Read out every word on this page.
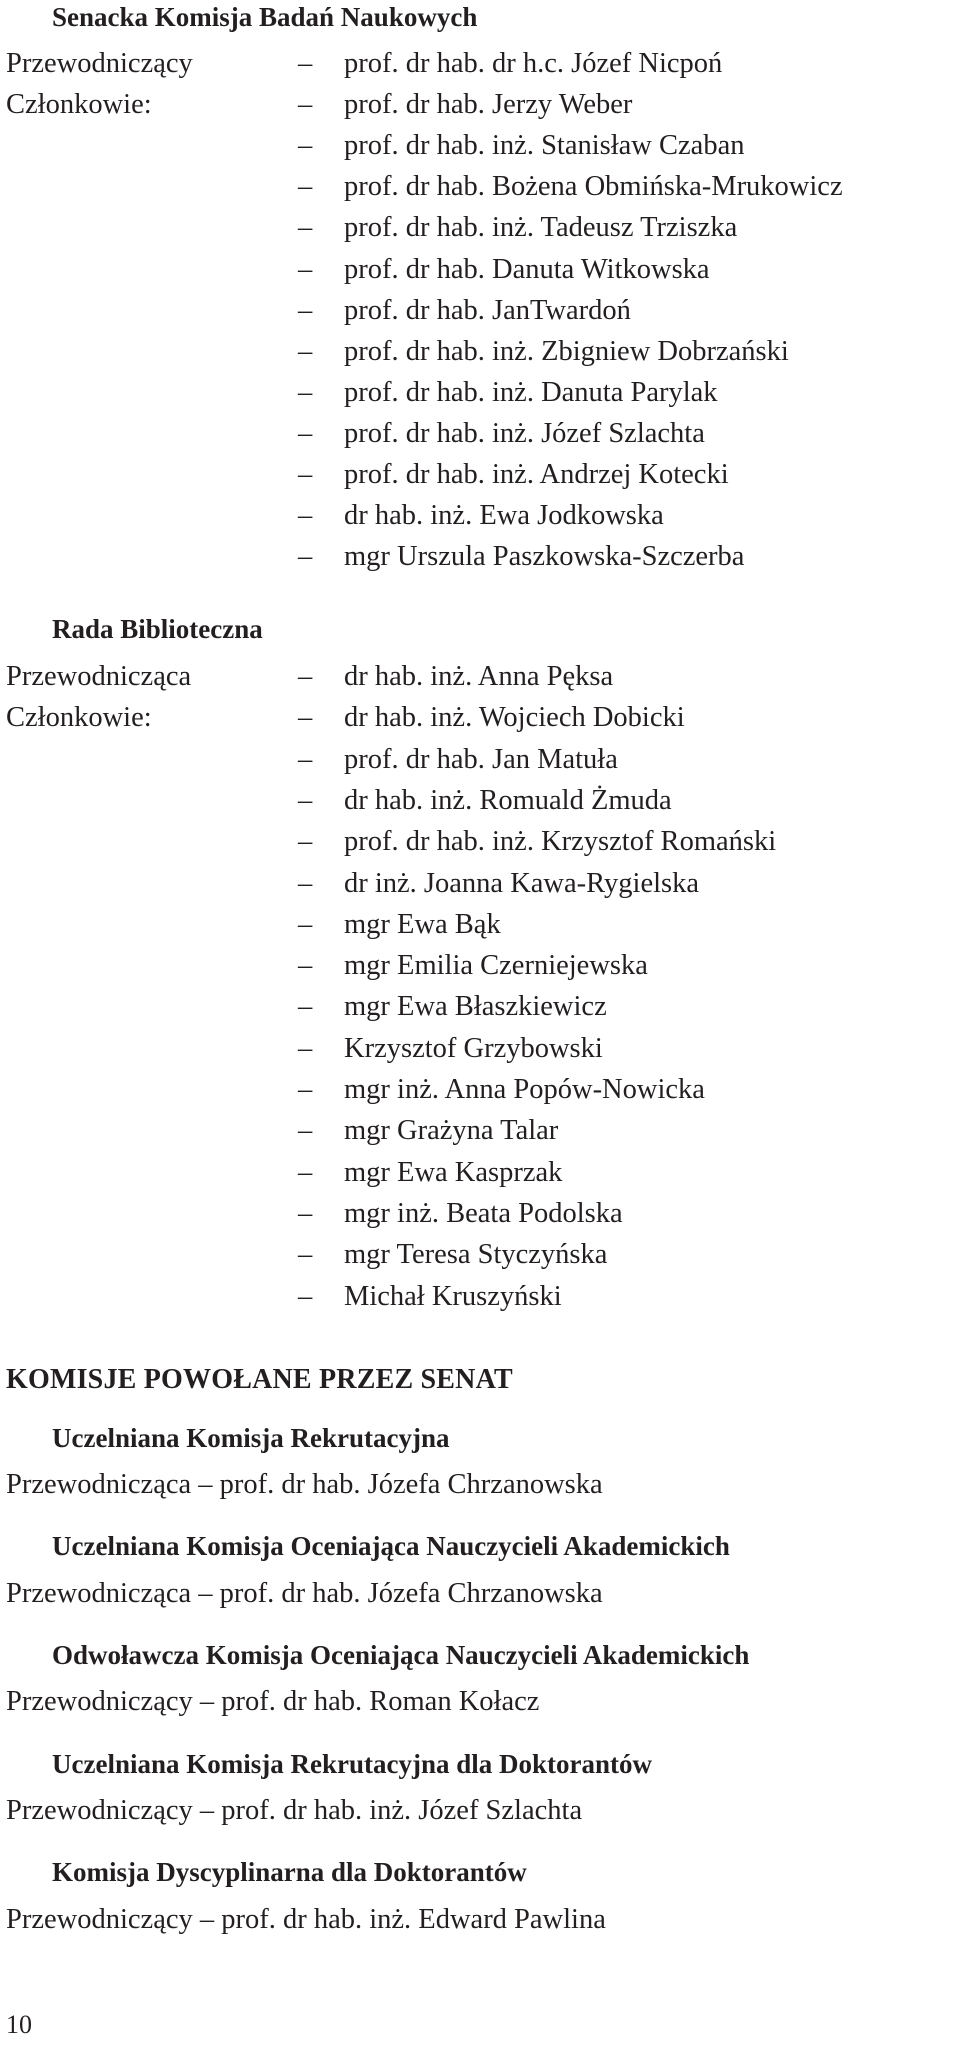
Senacka Komisja Badań Naukowych
Przewodniczący
Członkowie:
– prof. dr hab. dr h.c. Józef Nicpoń
– prof. dr hab. Jerzy Weber
– prof. dr hab. inż. Stanisław Czaban
– prof. dr hab. Bożena Obmińska-Mrukowicz
– prof. dr hab. inż. Tadeusz Trziszka
– prof. dr hab. Danuta Witkowska
– prof. dr hab. JanTwardoń
– prof. dr hab. inż. Zbigniew Dobrzański
– prof. dr hab. inż. Danuta Parylak
– prof. dr hab. inż. Józef Szlachta
– prof. dr hab. inż. Andrzej Kotecki
– dr hab. inż. Ewa Jodkowska
– mgr Urszula Paszkowska-Szczerba
Rada Biblioteczna
Przewodnicząca
Członkowie:
– dr hab. inż. Anna Pęksa
– dr hab. inż. Wojciech Dobicki
– prof. dr hab. Jan Matuła
– dr hab. inż. Romuald Żmuda
– prof. dr hab. inż. Krzysztof Romański
– dr inż. Joanna Kawa-Rygielska
– mgr Ewa Bąk
– mgr Emilia Czerniejewska
– mgr Ewa Błaszkiewicz
– Krzysztof Grzybowski
– mgr inż. Anna Popów-Nowicka
– mgr Grażyna Talar
– mgr Ewa Kasprzak
– mgr inż. Beata Podolska
– mgr Teresa Styczyńska
– Michał Kruszyński
KOMISJE POWOŁANE PRZEZ SENAT
Uczelniana Komisja Rekrutacyjna
Przewodnicząca – prof. dr hab. Józefa Chrzanowska
Uczelniana Komisja Oceniająca Nauczycieli Akademickich
Przewodnicząca – prof. dr hab. Józefa Chrzanowska
Odwoławcza Komisja Oceniająca Nauczycieli Akademickich
Przewodniczący – prof. dr hab. Roman Kołacz
Uczelniana Komisja Rekrutacyjna dla Doktorantów
Przewodniczący – prof. dr hab. inż. Józef Szlachta
Komisja Dyscyplinarna dla Doktorantów
Przewodniczący – prof. dr hab. inż. Edward Pawlina
10
